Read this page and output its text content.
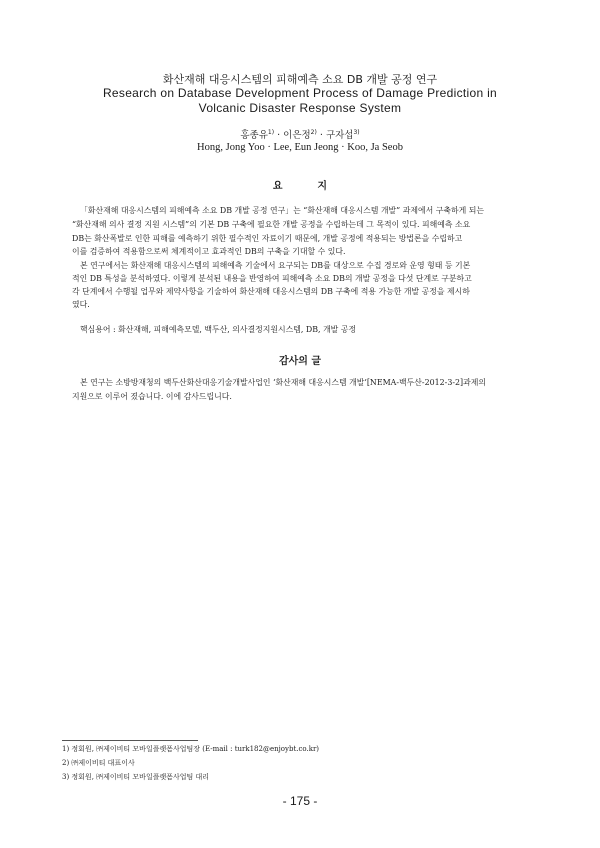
화산재해 대응시스템의 피해예측 소요 DB 개발 공정 연구
Research on Database Development Process of Damage Prediction in
Volcanic Disaster Response System
홍종유$^{1)}$ · 이은정$^{2)}$ · 구자섭$^{3)}$
Hong, Jong Yoo · Lee, Eun Jeong · Koo, Ja Seob
요          지
「화산재해 대응시스템의 피해예측 소요 DB 개발 공정 연구」는 “화산재해 대응시스템 개발” 과제에서 구축하게 되는
“화산재해 의사 결정 지원 시스템”의 기본 DB 구축에 필요한 개발 공정을 수립하는데 그 목적이 있다. 피해예측 소요
DB는 화산폭발로 인한 피해를 예측하기 위한 필수적인 자료이기 때문에, 개발 공정에 적용되는 방법론을 수립하고
이를 검증하여 적용함으로써 체계적이고 효과적인 DB의 구축을 기대할 수 있다.
본 연구에서는 화산재해 대응시스템의 피해예측 기술에서 요구되는 DB를 대상으로 수집 경로와 운영 형태 등 기본
적인 DB 특성을 분석하였다. 이렇게 분석된 내용을 반영하여 피해예측 소요 DB의 개발 공정을 다섯 단계로 구분하고
각 단계에서 수행될 업무와 제약사항을 기술하여 화산재해 대응시스템의 DB 구축에 적용 가능한 개발 공정을 제시하
였다.
핵심용어 : 화산재해, 피해예측모델, 백두산, 의사결정지원시스템, DB, 개발 공정
감사의 글
본 연구는 소방방재청의 백두산화산대응기술개발사업인 ‘화산재해 대응시스템 개발’[NEMA-백두산-2012-3-2]과제의
지원으로 이루어 졌습니다. 이에 감사드립니다.
1) 정회원, ㈜제이비티 모바일플랫폼사업팀장 (E-mail : turk182@enjoybt.co.kr)
2) ㈜제이비티 대표이사
3) 정회원, ㈜제이비티 모바일플랫폼사업팀 대리
- 175 -
